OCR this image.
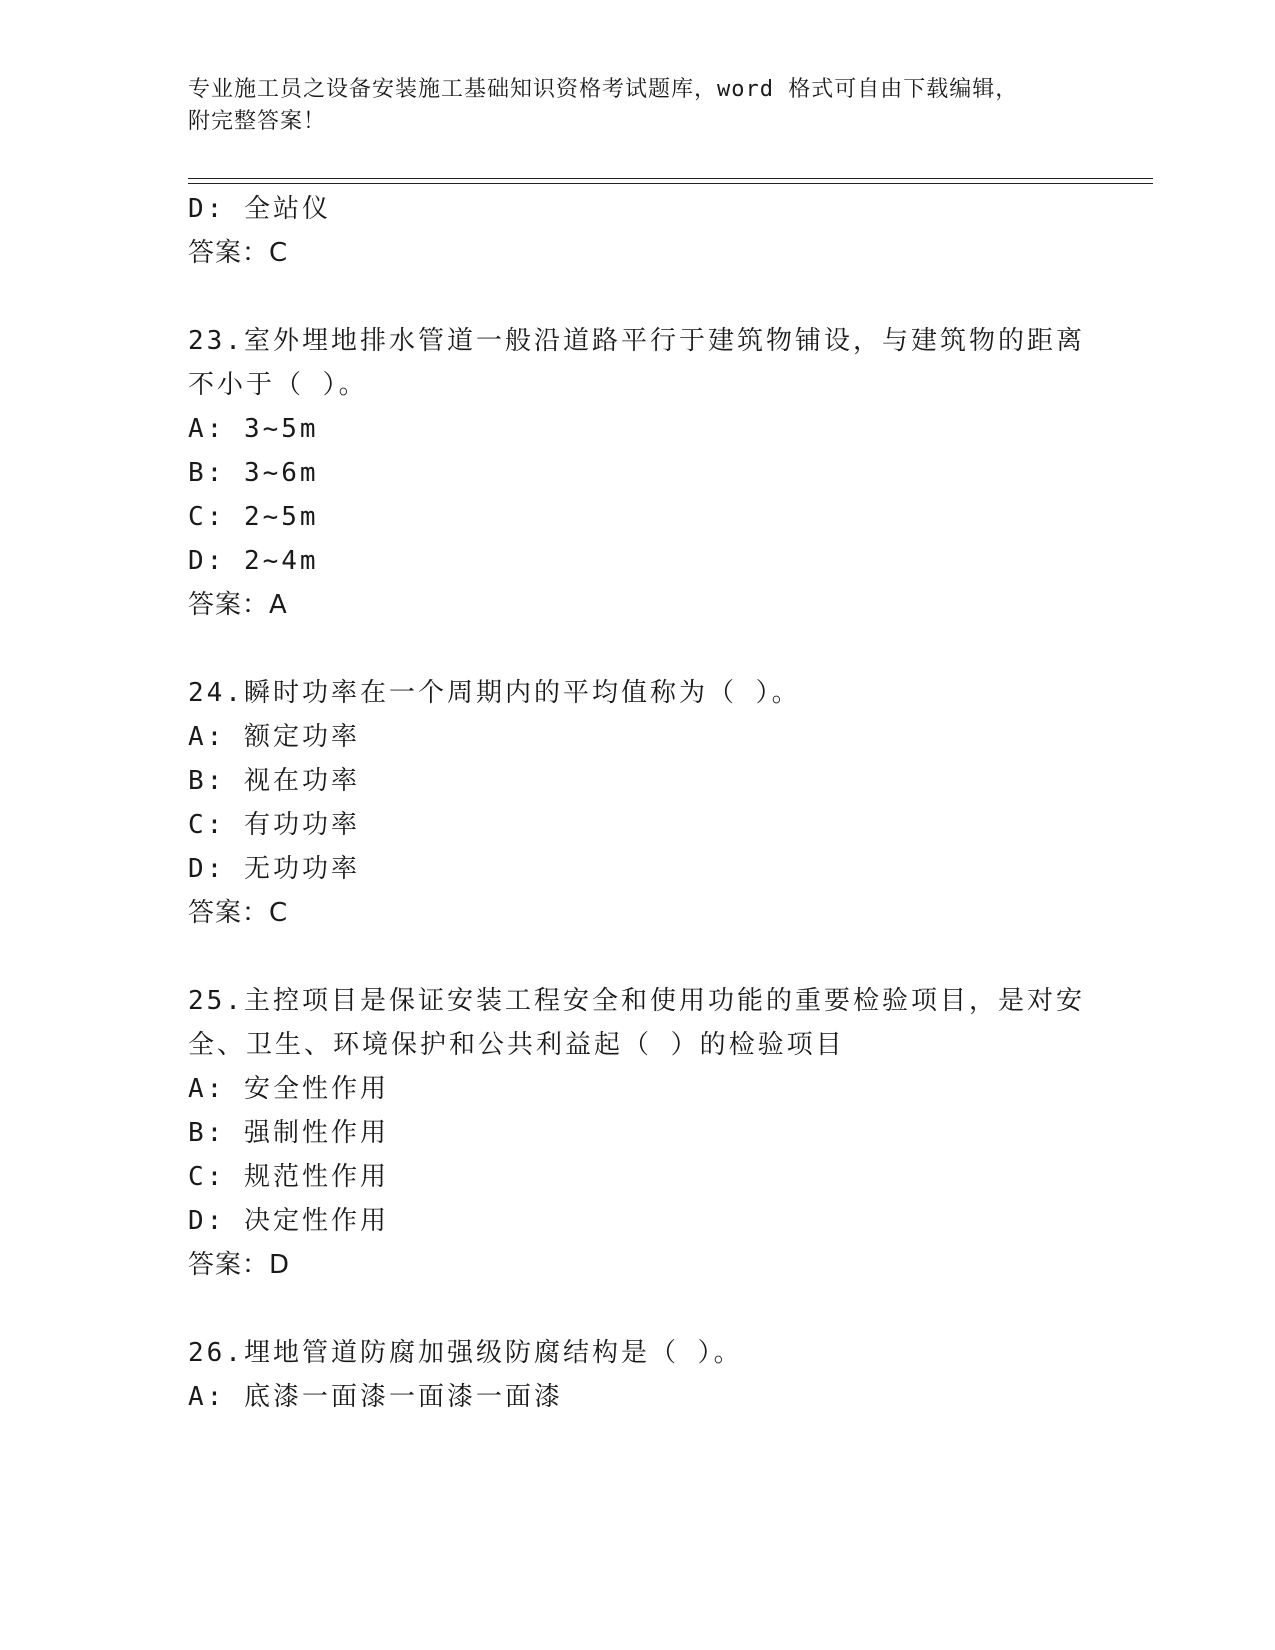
专业施工员之设备安装施工基础知识资格考试题库，word 格式可自由下载编辑，
附完整答案！
D: 全站仪
答案：C
23.室外埋地排水管道一般沿道路平行于建筑物铺设，与建筑物的距离
不小于（ ）。
A: 3~5m
B: 3~6m
C: 2~5m
D: 2~4m
答案：A
24.瞬时功率在一个周期内的平均值称为（ ）。
A: 额定功率
B: 视在功率
C: 有功功率
D: 无功功率
答案：C
25.主控项目是保证安装工程安全和使用功能的重要检验项目，是对安
全、卫生、环境保护和公共利益起（ ）的检验项目
A: 安全性作用
B: 强制性作用
C: 规范性作用
D: 决定性作用
答案：D
26.埋地管道防腐加强级防腐结构是（ ）。
A: 底漆一面漆一面漆一面漆
